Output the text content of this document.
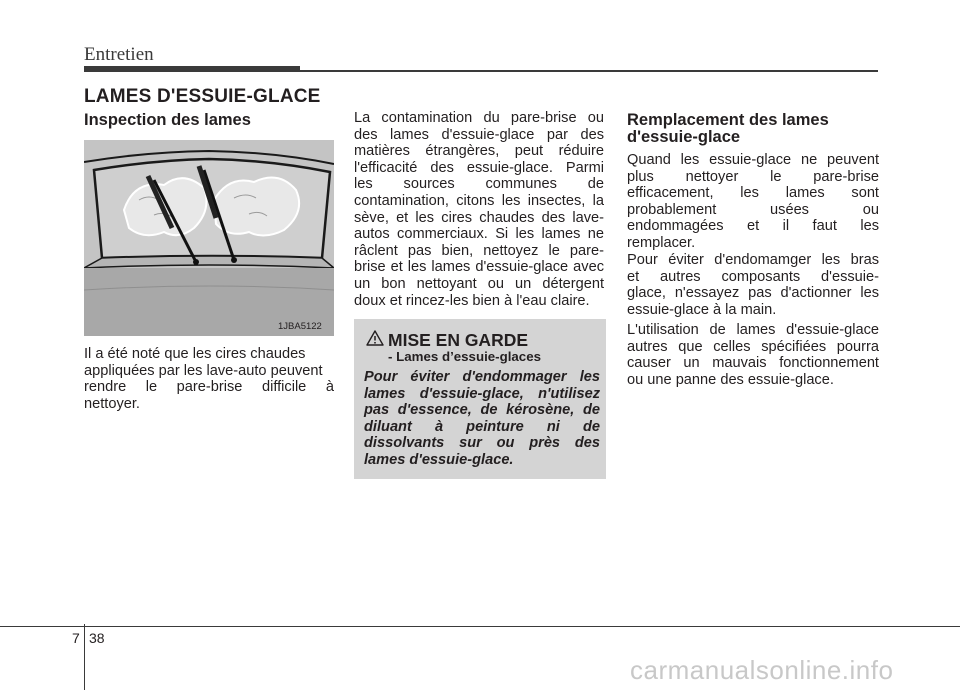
Entretien
LAMES D'ESSUIE-GLACE
Inspection des lames
1JBA5122

Il a été noté que les cires chaudes

appliquées par les lave-auto peuvent

rendre le pare-brise difficile à

nettoyer.

La contamination du pare-brise ou

des lames d'essuie-glace par des

matières étrangères, peut réduire

l'efficacité des essuie-glace. Parmi

les sources communes de

contamination, citons les insectes, la

sève, et les cires chaudes des lave-

autos commerciaux. Si les lames ne

râclent pas bien, nettoyez le pare-

brise et les lames d'essuie-glace avec

un bon nettoyant ou un détergent

doux et rincez-les bien à l'eau claire.

MISE EN GARDE
- Lames d’essuie-glaces

Pour éviter d'endommager les

lames d'essuie-glace, n'utilisez

pas d'essence, de kérosène, de

diluant à peinture ni de

dissolvants sur ou près des

lames d'essuie-glace.

Remplacement des lames

d'essuie-glace

Quand les essuie-glace ne peuvent

plus nettoyer le pare-brise

efficacement, les lames sont

probablement usées ou

endommagées et il faut les

remplacer.

Pour éviter d'endomamger les bras

et autres composants d'essuie-

glace, n'essayez pas d'actionner les

essuie-glace à la main.

L'utilisation de lames d'essuie-glace

autres que celles spécifiées pourra

causer un mauvais fonctionnement

ou une panne des essuie-glace.

7 38
carmanualsonline.info
